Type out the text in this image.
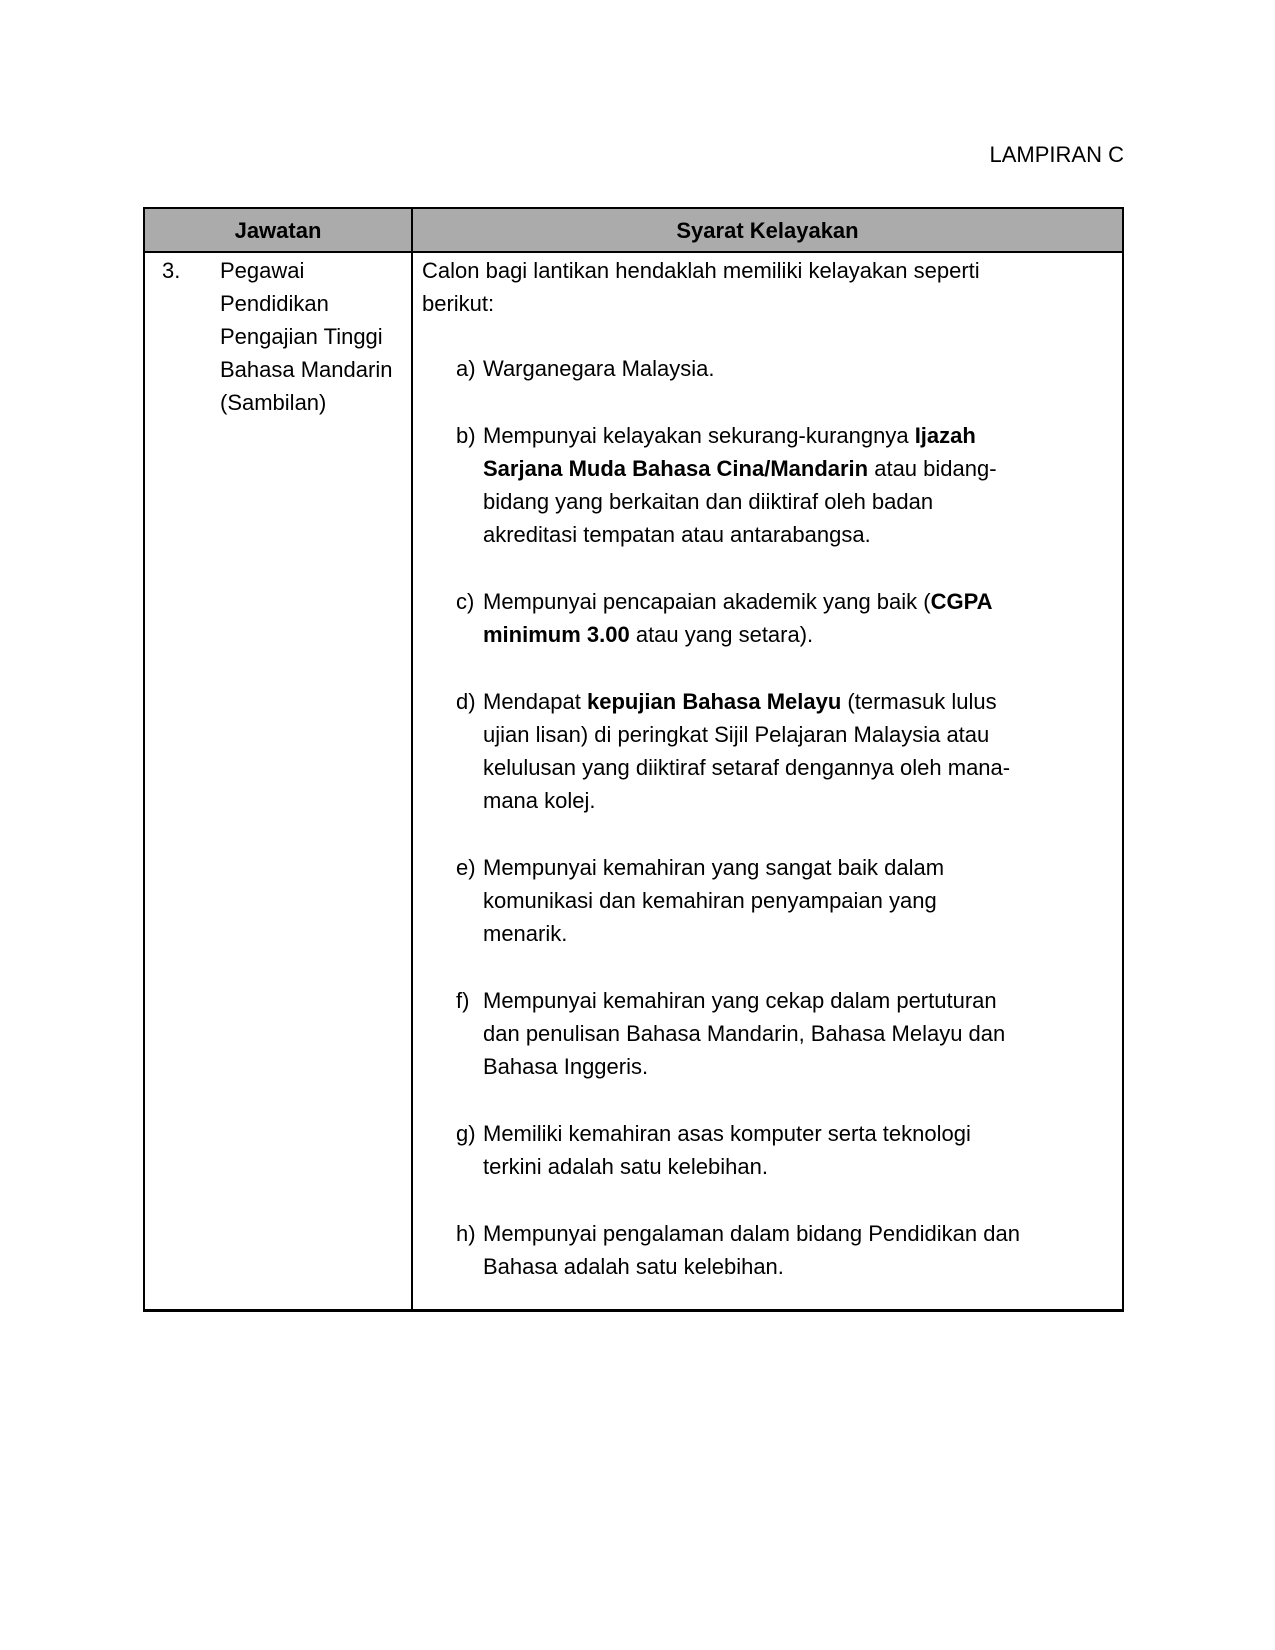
LAMPIRAN C
Jawatan	Syarat Kelayakan
3.	Pegawai Pendidikan Pengajian Tinggi Bahasa Mandarin (Sambilan)
Calon bagi lantikan hendaklah memiliki kelayakan seperti
berikut:
a) Warganegara Malaysia.
b) Mempunyai kelayakan sekurang-kurangnya Ijazah
Sarjana Muda Bahasa Cina/Mandarin atau bidang-
bidang yang berkaitan dan diiktiraf oleh badan
akreditasi tempatan atau antarabangsa.
c) Mempunyai pencapaian akademik yang baik (CGPA
minimum 3.00 atau yang setara).
d) Mendapat kepujian Bahasa Melayu (termasuk lulus
ujian lisan) di peringkat Sijil Pelajaran Malaysia atau
kelulusan yang diiktiraf setaraf dengannya oleh mana-
mana kolej.
e) Mempunyai kemahiran yang sangat baik dalam
komunikasi dan kemahiran penyampaian yang
menarik.
f) Mempunyai kemahiran yang cekap dalam pertuturan
dan penulisan Bahasa Mandarin, Bahasa Melayu dan
Bahasa Inggeris.
g) Memiliki kemahiran asas komputer serta teknologi
terkini adalah satu kelebihan.
h) Mempunyai pengalaman dalam bidang Pendidikan dan
Bahasa adalah satu kelebihan.
